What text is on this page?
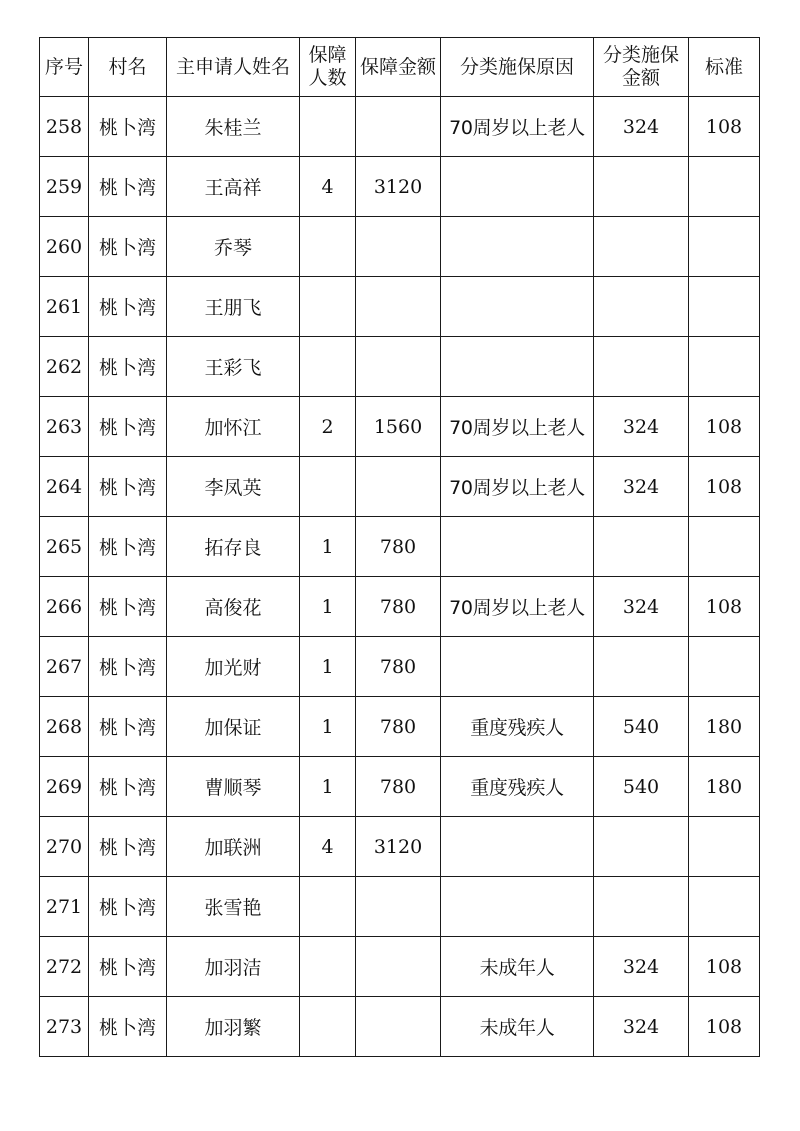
序号	村名	主申请人姓名	保障人数	保障金额	分类施保原因	分类施保金额	标准
258	桃卜湾	朱桂兰			70周岁以上老人	324	108
259	桃卜湾	王高祥	4	3120			
260	桃卜湾	乔琴					
261	桃卜湾	王朋飞					
262	桃卜湾	王彩飞					
263	桃卜湾	加怀江	2	1560	70周岁以上老人	324	108
264	桃卜湾	李凤英			70周岁以上老人	324	108
265	桃卜湾	拓存良	1	780			
266	桃卜湾	高俊花	1	780	70周岁以上老人	324	108
267	桃卜湾	加光财	1	780			
268	桃卜湾	加保证	1	780	重度残疾人	540	180
269	桃卜湾	曹顺琴	1	780	重度残疾人	540	180
270	桃卜湾	加联洲	4	3120			
271	桃卜湾	张雪艳					
272	桃卜湾	加羽洁			未成年人	324	108
273	桃卜湾	加羽繁			未成年人	324	108
